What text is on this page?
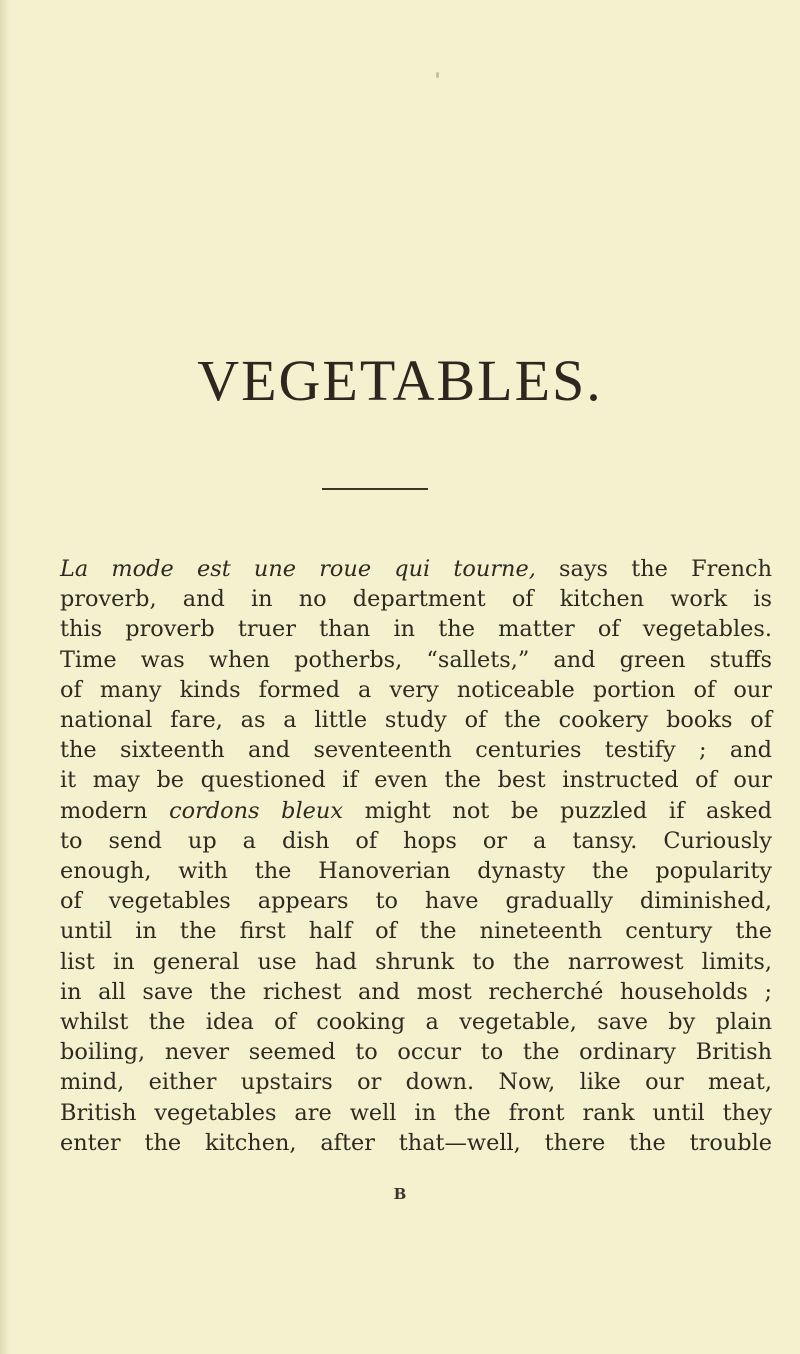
VEGETABLES.
La mode est une roue qui tourne, says the French
proverb, and in no department of kitchen work is
this proverb truer than in the matter of vegetables.
Time was when potherbs, “sallets,” and green stuffs
of many kinds formed a very noticeable portion of our
national fare, as a little study of the cookery books of
the sixteenth and seventeenth centuries testify ; and
it may be questioned if even the best instructed of our
modern cordons bleux might not be puzzled if asked
to send up a dish of hops or a tansy. Curiously
enough, with the Hanoverian dynasty the popularity
of vegetables appears to have gradually diminished,
until in the first half of the nineteenth century the
list in general use had shrunk to the narrowest limits,
in all save the richest and most recherché households ;
whilst the idea of cooking a vegetable, save by plain
boiling, never seemed to occur to the ordinary British
mind, either upstairs or down. Now, like our meat,
British vegetables are well in the front rank until they
enter the kitchen, after that—well, there the trouble
B
